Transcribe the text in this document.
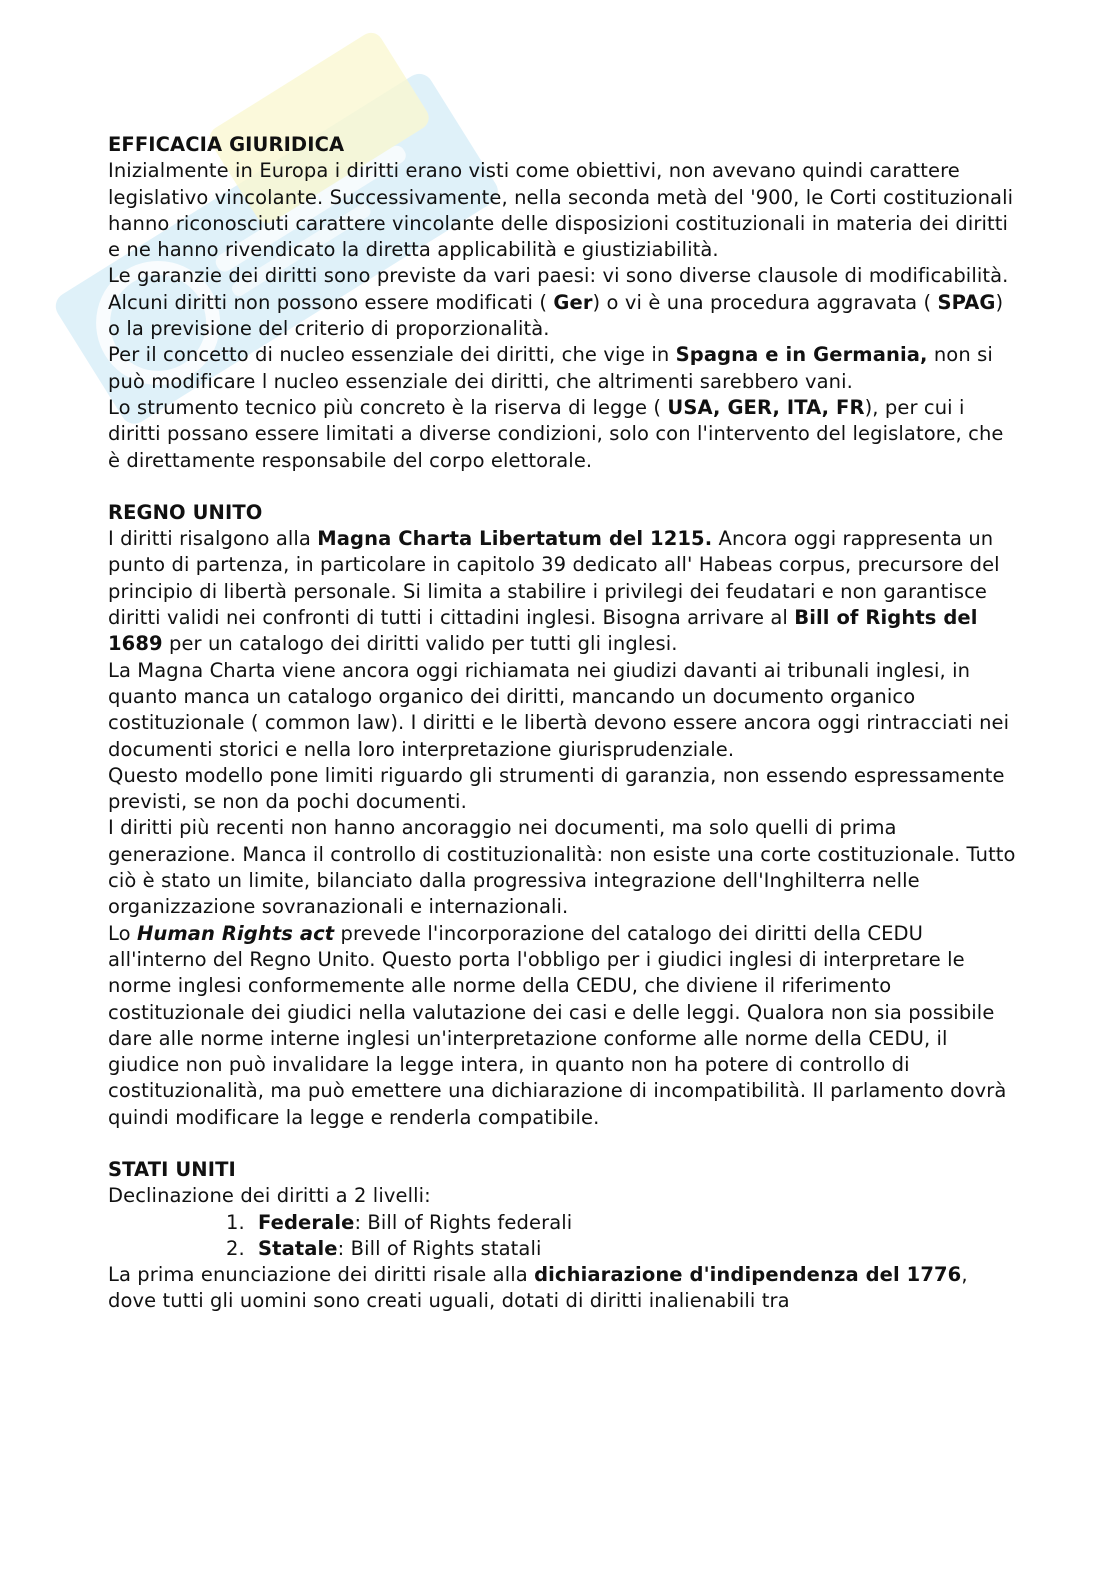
EFFICACIA GIURIDICA

Inizialmente in Europa i diritti erano visti come obiettivi, non avevano quindi carattere legislativo vincolante. Successivamente, nella seconda metà del '900, le Corti costituzionali hanno riconosciuti carattere vincolante delle disposizioni costituzionali in materia dei diritti e ne hanno rivendicato la diretta applicabilità e giustiziabilità.

Le garanzie dei diritti sono previste da vari paesi: vi sono diverse clausole di modificabilità. Alcuni diritti non possono essere modificati ( Ger) o vi è una procedura aggravata ( SPAG) o la previsione del criterio di proporzionalità.

Per il concetto di nucleo essenziale dei diritti, che vige in Spagna e in Germania, non si può modificare l nucleo essenziale dei diritti, che altrimenti sarebbero vani.

Lo strumento tecnico più concreto è la riserva di legge ( USA, GER, ITA, FR), per cui i diritti possano essere limitati a diverse condizioni, solo con l'intervento del legislatore, che è direttamente responsabile del corpo elettorale.

REGNO UNITO

I diritti risalgono alla Magna Charta Libertatum del 1215. Ancora oggi rappresenta un punto di partenza, in particolare in capitolo 39 dedicato all' Habeas corpus, precursore del principio di libertà personale. Si limita a stabilire i privilegi dei feudatari e non garantisce diritti validi nei confronti di tutti i cittadini inglesi. Bisogna arrivare al Bill of Rights del 1689 per un catalogo dei diritti valido per tutti gli inglesi.

La Magna Charta viene ancora oggi richiamata nei giudizi davanti ai tribunali inglesi, in quanto manca un catalogo organico dei diritti, mancando un documento organico costituzionale ( common law). I diritti e le libertà devono essere ancora oggi rintracciati nei documenti storici e nella loro interpretazione giurisprudenziale.

Questo modello pone limiti riguardo gli strumenti di garanzia, non essendo espressamente previsti, se non da pochi documenti.

I diritti più recenti non hanno ancoraggio nei documenti, ma solo quelli di prima generazione. Manca il controllo di costituzionalità: non esiste una corte costituzionale. Tutto ciò è stato un limite, bilanciato dalla progressiva integrazione dell'Inghilterra nelle organizzazione sovranazionali e internazionali.

Lo Human Rights act prevede l'incorporazione del catalogo dei diritti della CEDU all'interno del Regno Unito. Questo porta l'obbligo per i giudici inglesi di interpretare le norme inglesi conformemente alle norme della CEDU, che diviene il riferimento costituzionale dei giudici nella valutazione dei casi e delle leggi. Qualora non sia possibile dare alle norme interne inglesi un'interpretazione conforme alle norme della CEDU, il giudice non può invalidare la legge intera, in quanto non ha potere di controllo di costituzionalità, ma può emettere una dichiarazione di incompatibilità. Il parlamento dovrà quindi modificare la legge e renderla compatibile.

STATI UNITI

Declinazione dei diritti a 2 livelli:

1. Federale: Bill of Rights federali
2. Statale: Bill of Rights statali

La prima enunciazione dei diritti risale alla dichiarazione d'indipendenza del 1776, dove tutti gli uomini sono creati uguali, dotati di diritti inalienabili tra
